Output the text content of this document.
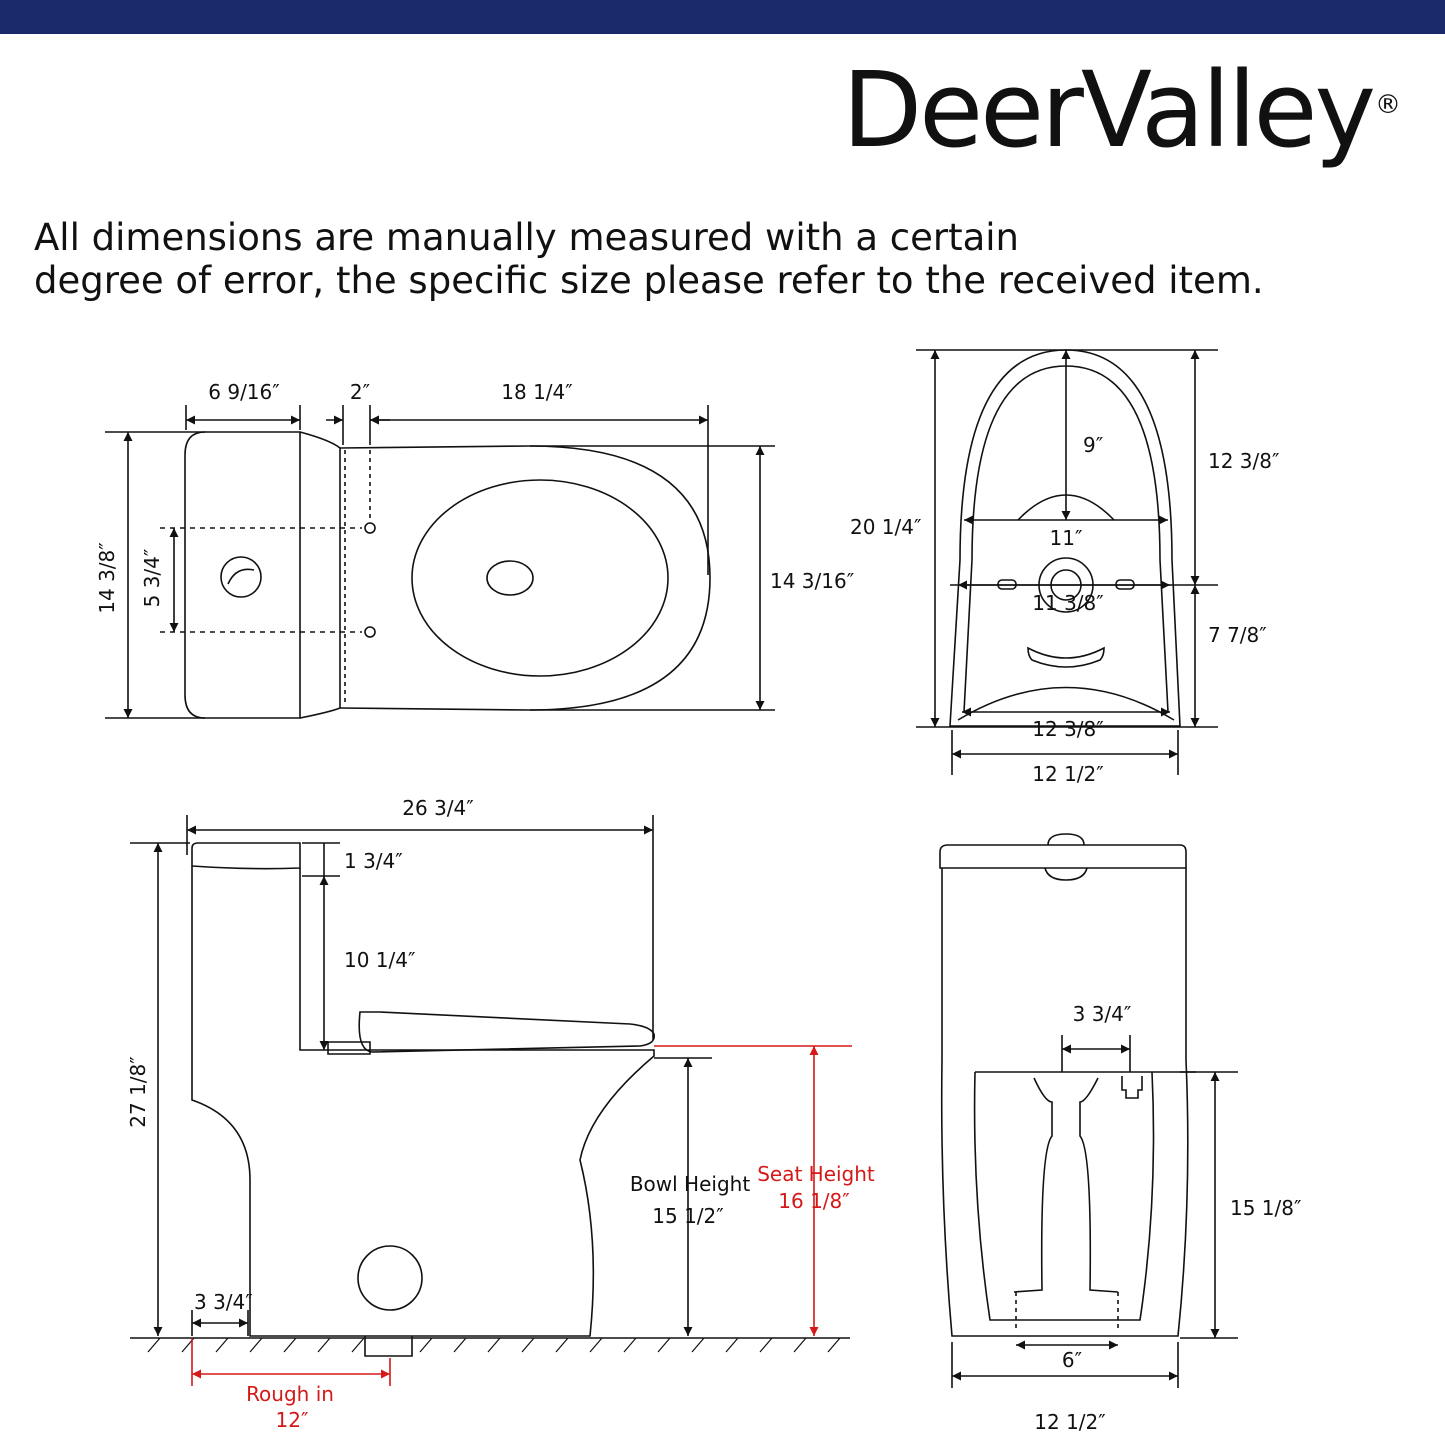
DeerValley®
All dimensions are manually measured with a certain
degree of error, the specific size please refer to the received item.
6 9/16″	2″	18 1/4″
14 3/8″ 5 3/4″	14 3/16″
20 1/4″
9″
11″
12 3/8″
11 3/8″
7 7/8″
12 3/8″
12 1/2″
26 3/4″
1 3/4″
10 1/4″
27 1/8″
3 3/4″
Bowl Height
15 1/2″
Seat Height
16 1/8″
Rough in
12″
3 3/4″
15 1/8″
6″
12 1/2″
